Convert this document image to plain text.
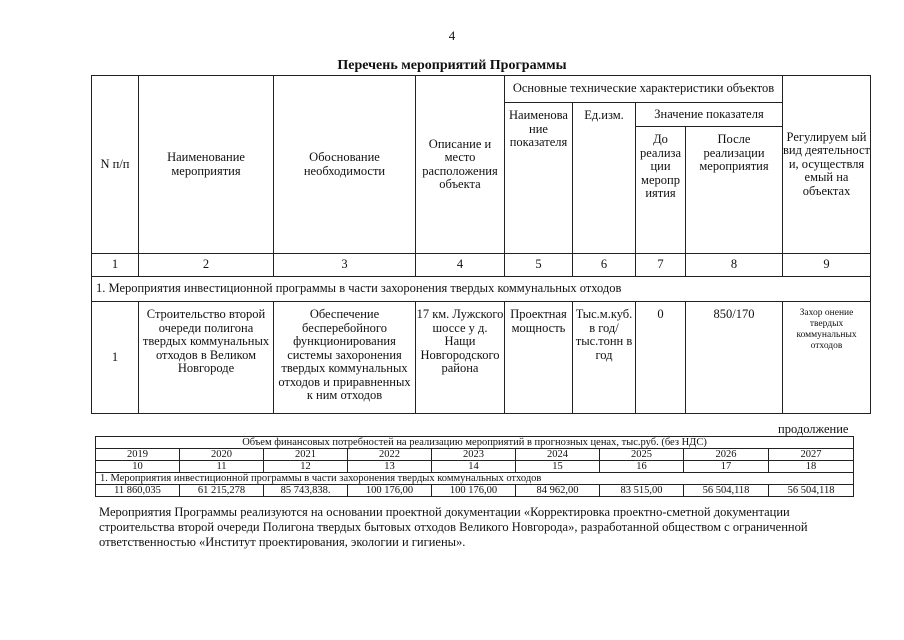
4
Перечень мероприятий Программы
N п/п	Наименование мероприятия	Обоснование необходимости	Описание и место расположения объекта	Основные технические характеристики объектов				Регулируем ый вид деятельност и, осуществля емый на объектах
				Наименова ние показателя	Ед.изм.	Значение показателя		
						До реализа ции меропр иятия	После реализации мероприятия	
1	2	3	4	5	6	7	8	9
1. Мероприятия инвестиционной программы в части захоронения твердых коммунальных отходов								
1	Строительство второй очереди полигона твердых коммунальных отходов в Великом Новгороде	Обеспечение бесперебойного функционирования системы захоронения твердых коммунальных отходов и приравненных к ним отходов	17 км. Лужского шоссе у д. Нащи Новгородского района	Проектная мощность	Тыс.м.куб. в год/ тыс.тонн в год	0	850/170	Захор онение твердых коммунальных отходов
продолжение
Объем финансовых потребностей на реализацию мероприятий в прогнозных ценах, тыс.руб. (без НДС)								
2019	2020	2021	2022	2023	2024	2025	2026	2027
10	11	12	13	14	15	16	17	18
1. Мероприятия инвестиционной программы в части захоронения твердых коммунальных отходов								
11 860,035	61 215,278	85 743,838.	100 176,00	100 176,00	84 962,00	83 515,00	56 504,118	56 504,118
Мероприятия Программы реализуются на основании проектной документации «Корректировка проектно-сметной документации строительства второй очереди Полигона твердых бытовых отходов Великого Новгорода», разработанной обществом с ограниченной ответственностью «Институт проектирования, экологии и гигиены».
